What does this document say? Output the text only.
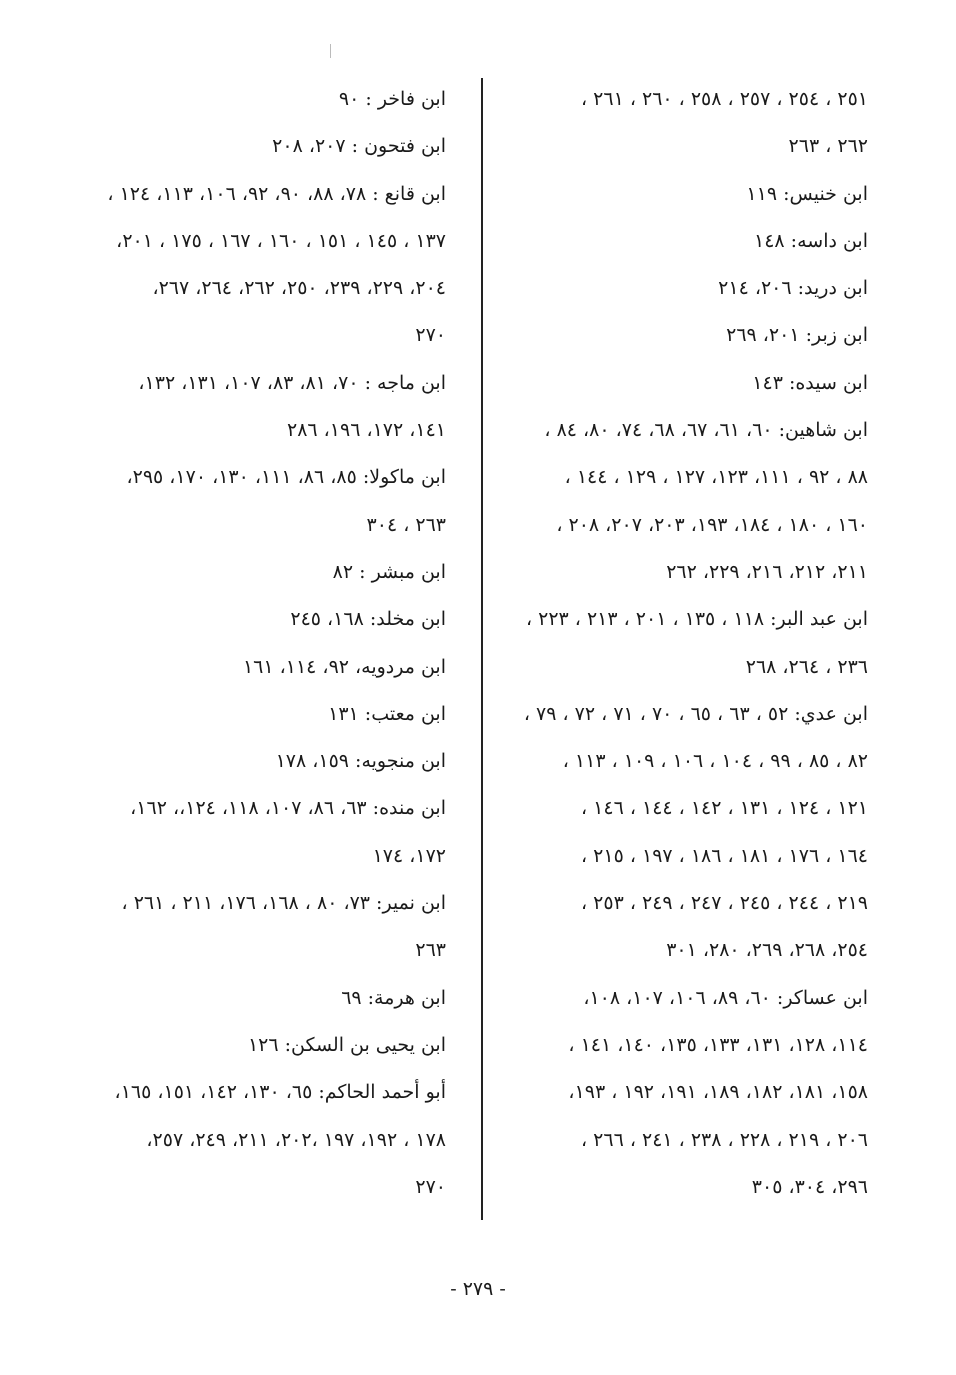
٢٥١ ، ٢٥٤ ، ٢٥٧ ، ٢٥٨ ، ٢٦٠ ، ٢٦١ ،
٢٦٢ ، ٢٦٣
ابن خنيس: ١١٩
ابن داسه: ١٤٨
ابن دريد: ٢٠٦، ٢١٤
ابن زبر: ٢٠١، ٢٦٩
ابن سيده: ١٤٣
ابن شاهين: ٦٠، ٦١، ٦٧، ٦٨، ٧٤، ٨٠، ٨٤ ،
٨٨ ، ٩٢ ، ١١١، ١٢٣، ١٢٧ ، ١٢٩ ، ١٤٤ ،
١٦٠ ، ١٨٠ ، ١٨٤، ١٩٣، ٢٠٣، ٢٠٧، ٢٠٨ ،
٢١١، ٢١٢، ٢١٦، ٢٢٩، ٢٦٢
ابن عبد البر: ١١٨ ، ١٣٥ ، ٢٠١ ، ٢١٣ ، ٢٢٣ ،
٢٣٦ ، ٢٦٤، ٢٦٨
ابن عدي: ٥٢ ، ٦٣ ، ٦٥ ، ٧٠ ، ٧١ ، ٧٢ ، ٧٩ ،
٨٢ ، ٨٥ ، ٩٩ ، ١٠٤ ، ١٠٦ ، ١٠٩ ، ١١٣ ،
١٢١ ، ١٢٤ ، ١٣١ ، ١٤٢ ، ١٤٤ ، ١٤٦ ،
١٦٤ ، ١٧٦ ، ١٨١ ، ١٨٦ ، ١٩٧ ، ٢١٥ ،
٢١٩ ، ٢٤٤ ، ٢٤٥ ، ٢٤٧ ، ٢٤٩ ، ٢٥٣ ،
٢٥٤، ٢٦٨، ٢٦٩، ٢٨٠، ٣٠١
ابن عساكر: ٦٠، ٨٩، ١٠٦، ١٠٧، ١٠٨،
١١٤، ١٢٨، ١٣١، ١٣٣، ١٣٥، ١٤٠، ١٤١ ،
١٥٨، ١٨١، ١٨٢، ١٨٩، ١٩١، ١٩٢ ، ١٩٣،
٢٠٦ ، ٢١٩ ، ٢٢٨ ، ٢٣٨ ، ٢٤١ ، ٢٦٦ ،
٢٩٦، ٣٠٤، ٣٠٥
ابن فاخر : ٩٠
ابن فتحون : ٢٠٧، ٢٠٨
ابن قانع : ٧٨، ٨٨، ٩٠، ٩٢، ١٠٦، ١١٣، ١٢٤ ،
١٣٧ ، ١٤٥ ، ١٥١ ، ١٦٠ ، ١٦٧ ، ١٧٥ ، ٢٠١،
٢٠٤، ٢٢٩، ٢٣٩، ٢٥٠، ٢٦٢، ٢٦٤، ٢٦٧،
٢٧٠
ابن ماجه : ٧٠، ٨١، ٨٣، ١٠٧، ١٣١، ١٣٢،
١٤١، ١٧٢، ١٩٦، ٢٨٦
ابن ماكولا: ٨٥، ٨٦، ١١١، ١٣٠، ١٧٠، ٢٩٥،
٢٦٣ ، ٣٠٤
ابن مبشر : ٨٢
ابن مخلد: ١٦٨، ٢٤٥
ابن مردويه، ٩٢، ١١٤، ١٦١
ابن معتب: ١٣١
ابن منجويه: ١٥٩، ١٧٨
ابن منده: ٦٣، ٨٦، ١٠٧، ١١٨، ١٢٤،، ١٦٢،
١٧٢، ١٧٤
ابن نمير: ٧٣، ٨٠ ، ١٦٨، ١٧٦، ٢١١ ، ٢٦١ ،
٢٦٣
ابن هرمة: ٦٩
ابن يحيى بن السكن: ١٢٦
أبو أحمد الحاكم: ٦٥، ١٣٠، ١٤٢، ١٥١، ١٦٥،
١٧٨ ، ١٩٢، ١٩٧ ،٢٠٢، ٢١١، ٢٤٩، ٢٥٧،
٢٧٠
- ٢٧٩ -
